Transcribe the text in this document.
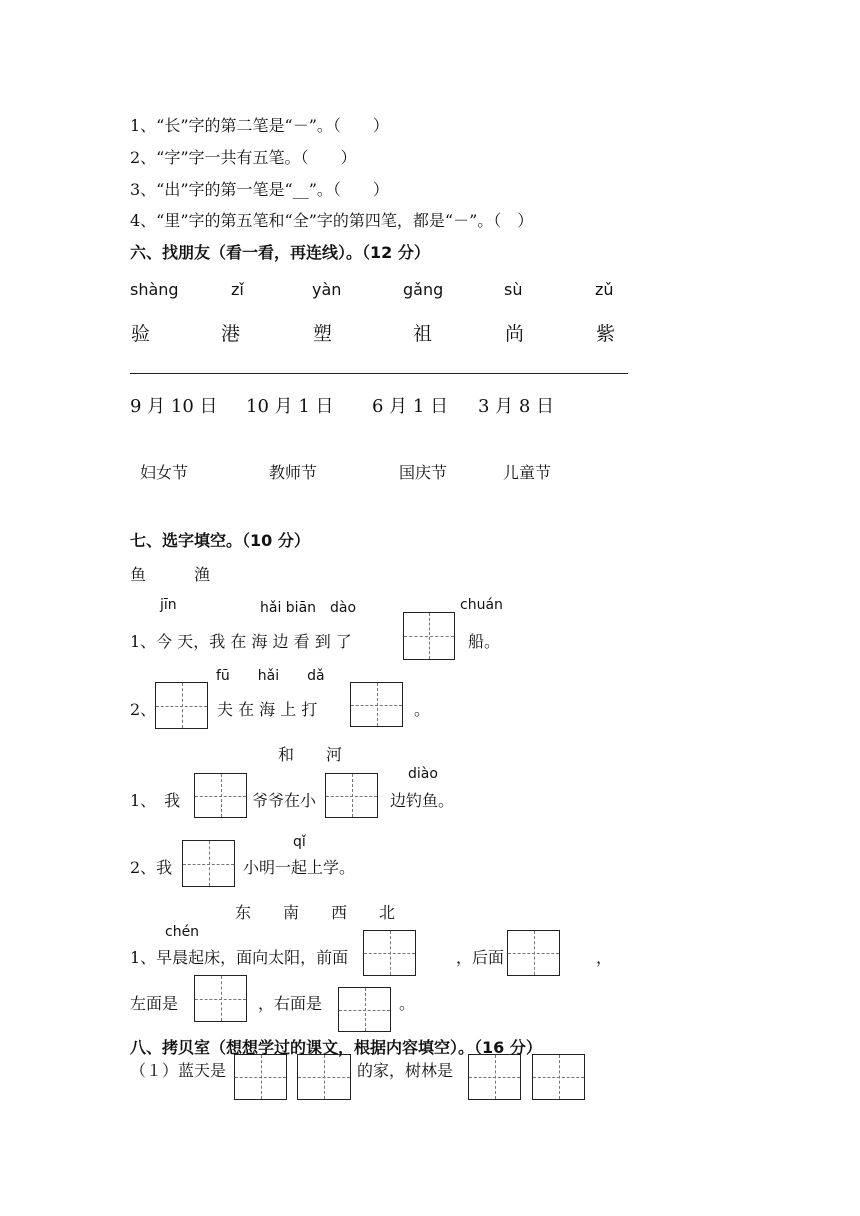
1、“长”字的第二笔是“－”。（　　）
2、“字”字一共有五笔。（　　）
3、“出”字的第一笔是“__”。（　　）
4、“里”字的第五笔和“全”字的第四笔，都是“－”。（　）
六、找朋友（看一看，再连线）。（12 分）
shàng	zǐ	yàn	gǎng	sù	zǔ
验	港	塑	祖	尚	紫
9 月 10 日 10 月 1 日 6 月 1 日 3 月 8 日
妇女节	教师节	国庆节	儿童节
七、选字填空。（10 分）
鱼　　　渔
jīn	hǎi biān　dào	chuán
1、今 天，我 在 海 边 看 到 了	船。
fū　　hǎi　　dǎ
2、	夫 在 海 上 打	。
和　　河
diào
1、　我	爷爷在小	边钓鱼。
qǐ
2、我	小明一起上学。
东　　南　　西　　北
chén
1、早晨起床，面向太阳，前面	，后面	，
左面是	，右面是	。
八、拷贝室（想想学过的课文，根据内容填空）。（16 分）
（１）蓝天是	的家，树林是
